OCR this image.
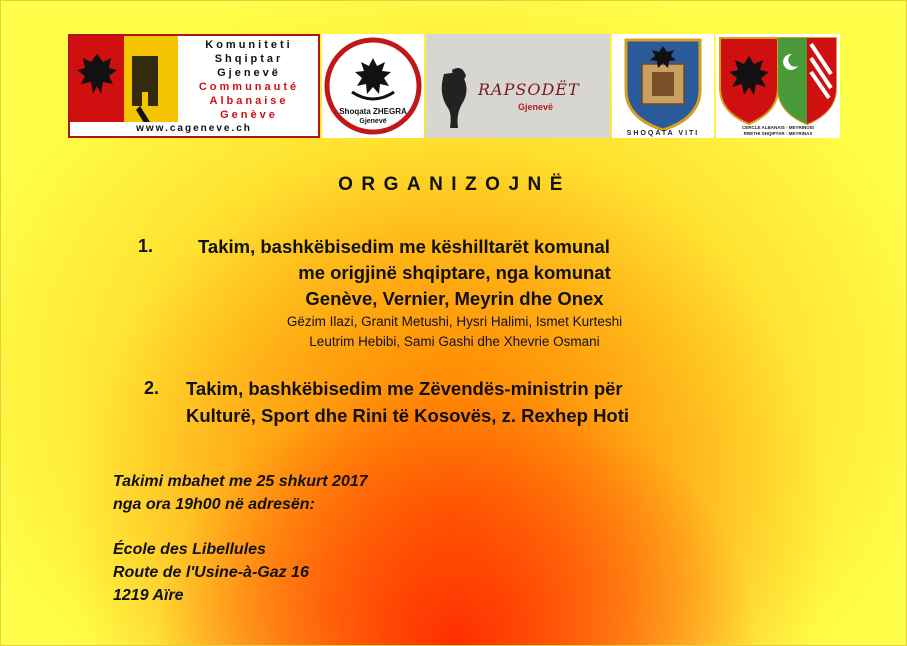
Komuniteti
Shqiptar
Gjenevë
Communauté
Albanaise
Genève
www.cageneve.ch
Shoqata ZHEGRA
Gjenevë
RAPSODËT
Gjenevë
SHOQATA VITI
CERCLE ALBANAIS - MEYRINOIS
RRETHI SHQIPTAR - MEYRINAS
ORGANIZOJNË
1. Takim, bashkëbisedim me këshilltarët komunal
me origjinë shqiptare, nga komunat
Genève, Vernier, Meyrin dhe Onex
Gëzim Ilazi, Granit Metushi, Hysri Halimi, Ismet Kurteshi
Leutrim Hebibi, Sami Gashi dhe Xhevrie Osmani
2. Takim, bashkëbisedim me Zëvendës-ministrin për
Kulturë, Sport dhe Rini të Kosovës, z. Rexhep Hoti
Takimi mbahet me 25 shkurt 2017
nga ora 19h00 në adresën:
École des Libellules
Route de l'Usine-à-Gaz 16
1219 Aïre
